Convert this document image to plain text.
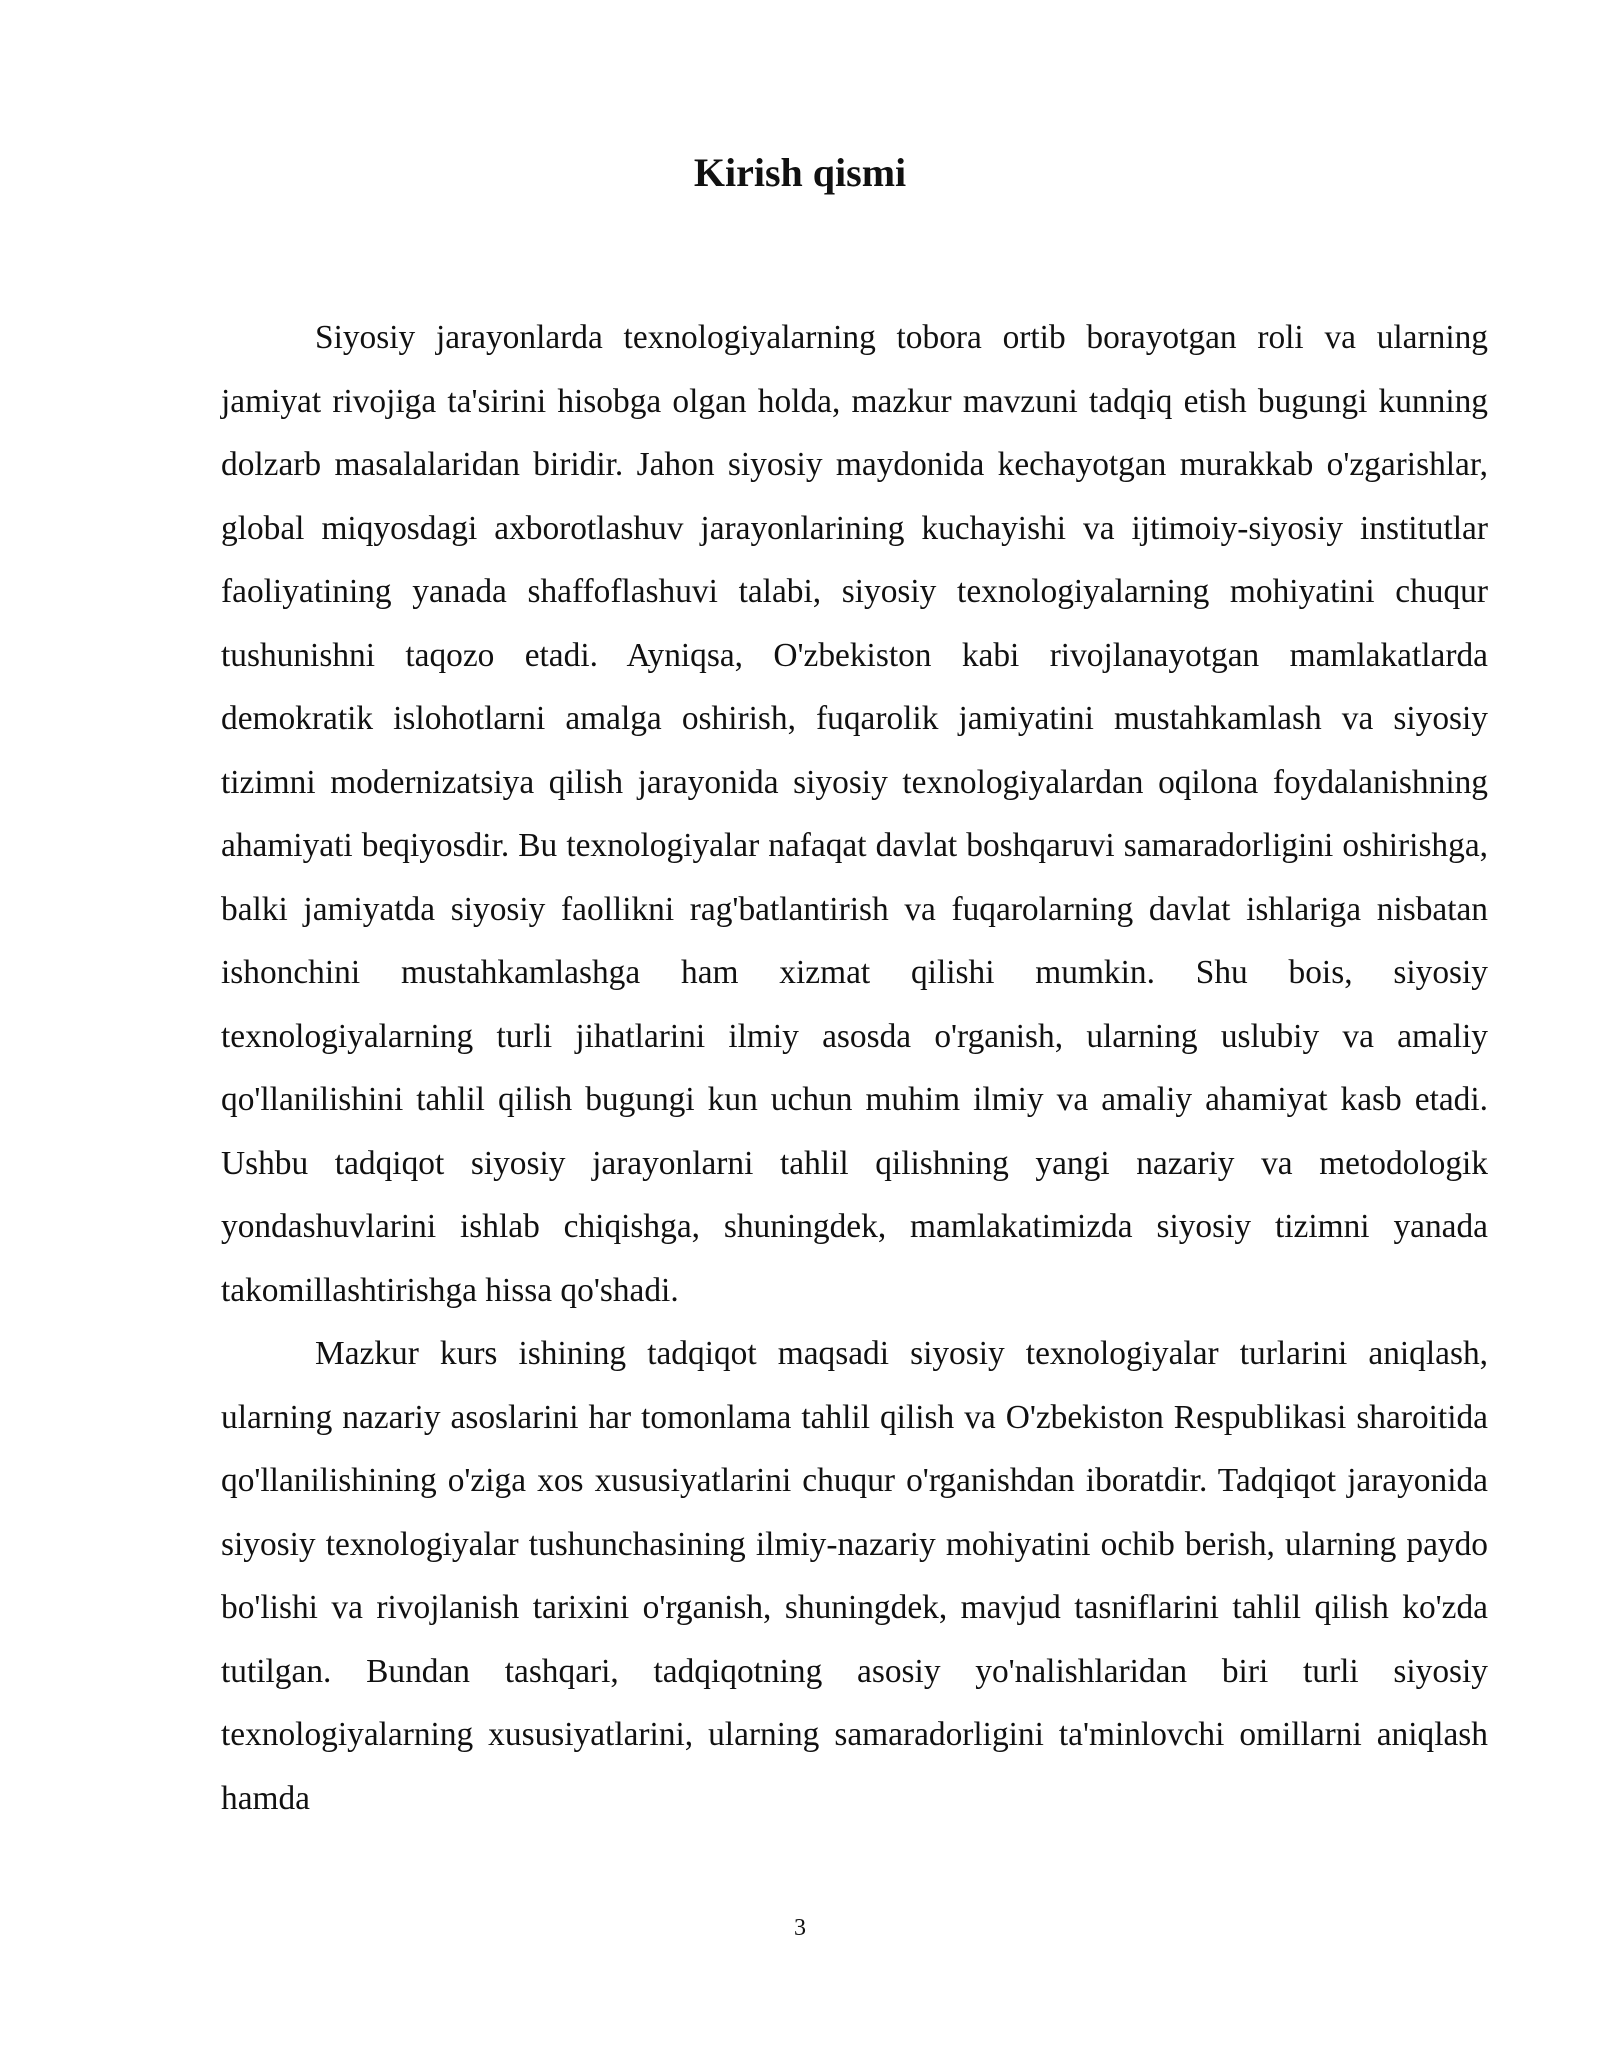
Kirish qismi

Siyosiy jarayonlarda texnologiyalarning tobora ortib borayotgan roli va ularning jamiyat rivojiga ta'sirini hisobga olgan holda, mazkur mavzuni tadqiq etish bugungi kunning dolzarb masalalaridan biridir. Jahon siyosiy maydonida kechayotgan murakkab o'zgarishlar, global miqyosdagi axborotlashuv jarayonlarining kuchayishi va ijtimoiy-siyosiy institutlar faoliyatining yanada shaffoflashuvi talabi, siyosiy texnologiyalarning mohiyatini chuqur tushunishni taqozo etadi. Ayniqsa, O'zbekiston kabi rivojlanayotgan mamlakatlarda demokratik islohotlarni amalga oshirish, fuqarolik jamiyatini mustahkamlash va siyosiy tizimni modernizatsiya qilish jarayonida siyosiy texnologiyalardan oqilona foydalanishning ahamiyati beqiyosdir. Bu texnologiyalar nafaqat davlat boshqaruvi samaradorligini oshirishga, balki jamiyatda siyosiy faollikni rag'batlantirish va fuqarolarning davlat ishlariga nisbatan ishonchini mustahkamlashga ham xizmat qilishi mumkin. Shu bois, siyosiy texnologiyalarning turli jihatlarini ilmiy asosda o'rganish, ularning uslubiy va amaliy qo'llanilishini tahlil qilish bugungi kun uchun muhim ilmiy va amaliy ahamiyat kasb etadi. Ushbu tadqiqot siyosiy jarayonlarni tahlil qilishning yangi nazariy va metodologik yondashuvlarini ishlab chiqishga, shuningdek, mamlakatimizda siyosiy tizimni yanada takomillashtirishga hissa qo'shadi.

Mazkur kurs ishining tadqiqot maqsadi siyosiy texnologiyalar turlarini aniqlash, ularning nazariy asoslarini har tomonlama tahlil qilish va O'zbekiston Respublikasi sharoitida qo'llanilishining o'ziga xos xususiyatlarini chuqur o'rganishdan iboratdir. Tadqiqot jarayonida siyosiy texnologiyalar tushunchasining ilmiy-nazariy mohiyatini ochib berish, ularning paydo bo'lishi va rivojlanish tarixini o'rganish, shuningdek, mavjud tasniflarini tahlil qilish ko'zda tutilgan. Bundan tashqari, tadqiqotning asosiy yo'nalishlaridan biri turli siyosiy texnologiyalarning xususiyatlarini, ularning samaradorligini ta'minlovchi omillarni aniqlash hamda

3
